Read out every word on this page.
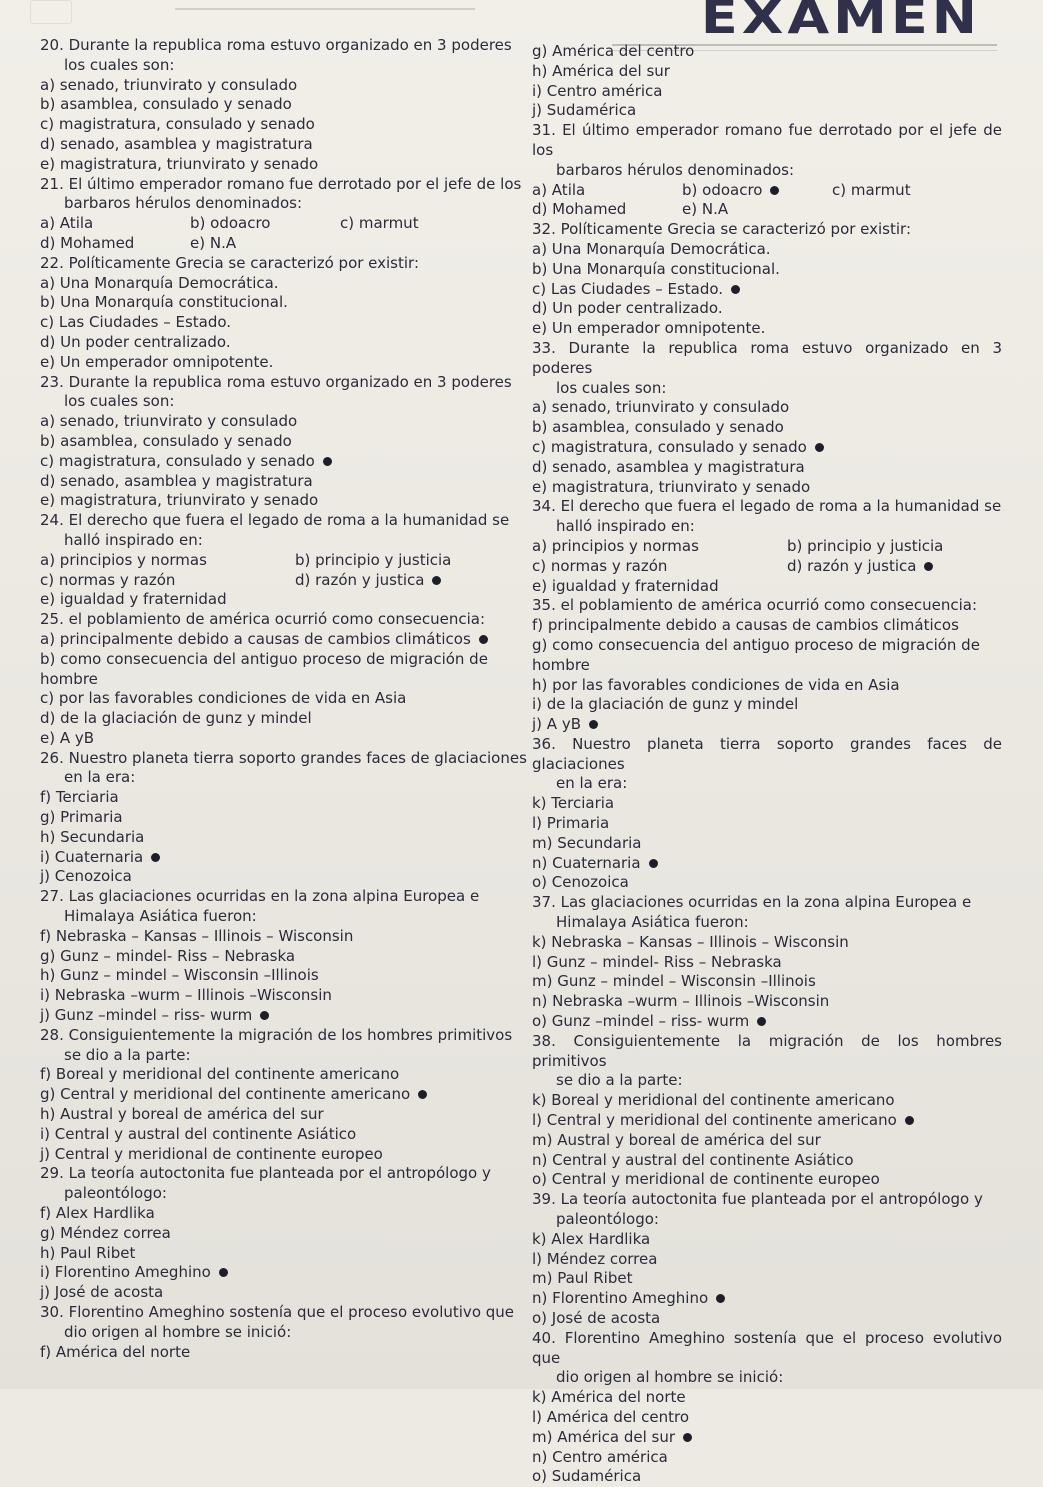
EXAMEN
20. Durante la republica roma estuvo organizado en 3 poderes
los cuales son:
a) senado, triunvirato y consulado
b) asamblea, consulado y senado
c) magistratura, consulado y senado
d) senado, asamblea y magistratura
e) magistratura, triunvirato y senado
21. El último emperador romano fue derrotado por el jefe de los
barbaros hérulos denominados:
a) Atila	b) odoacro	c) marmut
d) Mohamed	e) N.A
22. Políticamente Grecia se caracterizó por existir:
a) Una Monarquía Democrática.
b) Una Monarquía constitucional.
c) Las Ciudades – Estado.
d) Un poder centralizado.
e) Un emperador omnipotente.
23. Durante la republica roma estuvo organizado en 3 poderes
los cuales son:
a) senado, triunvirato y consulado
b) asamblea, consulado y senado
c) magistratura, consulado y senado
d) senado, asamblea y magistratura
e) magistratura, triunvirato y senado
24. El derecho que fuera el legado de roma a la humanidad se
halló inspirado en:
a) principios y normas	b) principio y justicia
c) normas y razón	d) razón y justica
e) igualdad y fraternidad
25. el poblamiento de américa ocurrió como consecuencia:
a) principalmente debido a causas de cambios climáticos
b) como consecuencia del antiguo proceso de migración de
hombre
c) por las favorables condiciones de vida en Asia
d) de la glaciación de gunz y mindel
e) A yB
26. Nuestro planeta tierra soporto grandes faces de glaciaciones
en la era:
f) Terciaria
g) Primaria
h) Secundaria
i) Cuaternaria
j) Cenozoica
27. Las glaciaciones ocurridas en la zona alpina Europea e
Himalaya Asiática fueron:
f) Nebraska – Kansas – Illinois – Wisconsin
g) Gunz – mindel- Riss – Nebraska
h) Gunz – mindel – Wisconsin –Illinois
i) Nebraska –wurm – Illinois –Wisconsin
j) Gunz –mindel – riss- wurm
28. Consiguientemente la migración de los hombres primitivos
se dio a la parte:
f) Boreal y meridional del continente americano
g) Central y meridional del continente americano
h) Austral y boreal de américa del sur
i) Central y austral del continente Asiático
j) Central y meridional de continente europeo
29. La teoría autoctonita fue planteada por el antropólogo y
paleontólogo:
f) Alex Hardlika
g) Méndez correa
h) Paul Ribet
i) Florentino Ameghino
j) José de acosta
30. Florentino Ameghino sostenía que el proceso evolutivo que
dio origen al hombre se inició:
f) América del norte
g) América del centro
h) América del sur
i) Centro américa
j) Sudamérica
31. El último emperador romano fue derrotado por el jefe de los
barbaros hérulos denominados:
a) Atila	b) odoacro	c) marmut
d) Mohamed	e) N.A
32. Políticamente Grecia se caracterizó por existir:
a) Una Monarquía Democrática.
b) Una Monarquía constitucional.
c) Las Ciudades – Estado.
d) Un poder centralizado.
e) Un emperador omnipotente.
33. Durante la republica roma estuvo organizado en 3 poderes
los cuales son:
a) senado, triunvirato y consulado
b) asamblea, consulado y senado
c) magistratura, consulado y senado
d) senado, asamblea y magistratura
e) magistratura, triunvirato y senado
34. El derecho que fuera el legado de roma a la humanidad se
halló inspirado en:
a) principios y normas	b) principio y justicia
c) normas y razón	d) razón y justica
e) igualdad y fraternidad
35. el poblamiento de américa ocurrió como consecuencia:
f) principalmente debido a causas de cambios climáticos
g) como consecuencia del antiguo proceso de migración de
hombre
h) por las favorables condiciones de vida en Asia
i) de la glaciación de gunz y mindel
j) A yB
36. Nuestro planeta tierra soporto grandes faces de glaciaciones
en la era:
k) Terciaria
l) Primaria
m) Secundaria
n) Cuaternaria
o) Cenozoica
37. Las glaciaciones ocurridas en la zona alpina Europea e
Himalaya Asiática fueron:
k) Nebraska – Kansas – Illinois – Wisconsin
l) Gunz – mindel- Riss – Nebraska
m) Gunz – mindel – Wisconsin –Illinois
n) Nebraska –wurm – Illinois –Wisconsin
o) Gunz –mindel – riss- wurm
38. Consiguientemente la migración de los hombres primitivos
se dio a la parte:
k) Boreal y meridional del continente americano
l) Central y meridional del continente americano
m) Austral y boreal de américa del sur
n) Central y austral del continente Asiático
o) Central y meridional de continente europeo
39. La teoría autoctonita fue planteada por el antropólogo y
paleontólogo:
k) Alex Hardlika
l) Méndez correa
m) Paul Ribet
n) Florentino Ameghino
o) José de acosta
40. Florentino Ameghino sostenía que el proceso evolutivo que
dio origen al hombre se inició:
k) América del norte
l) América del centro
m) América del sur
n) Centro américa
o) Sudamérica
